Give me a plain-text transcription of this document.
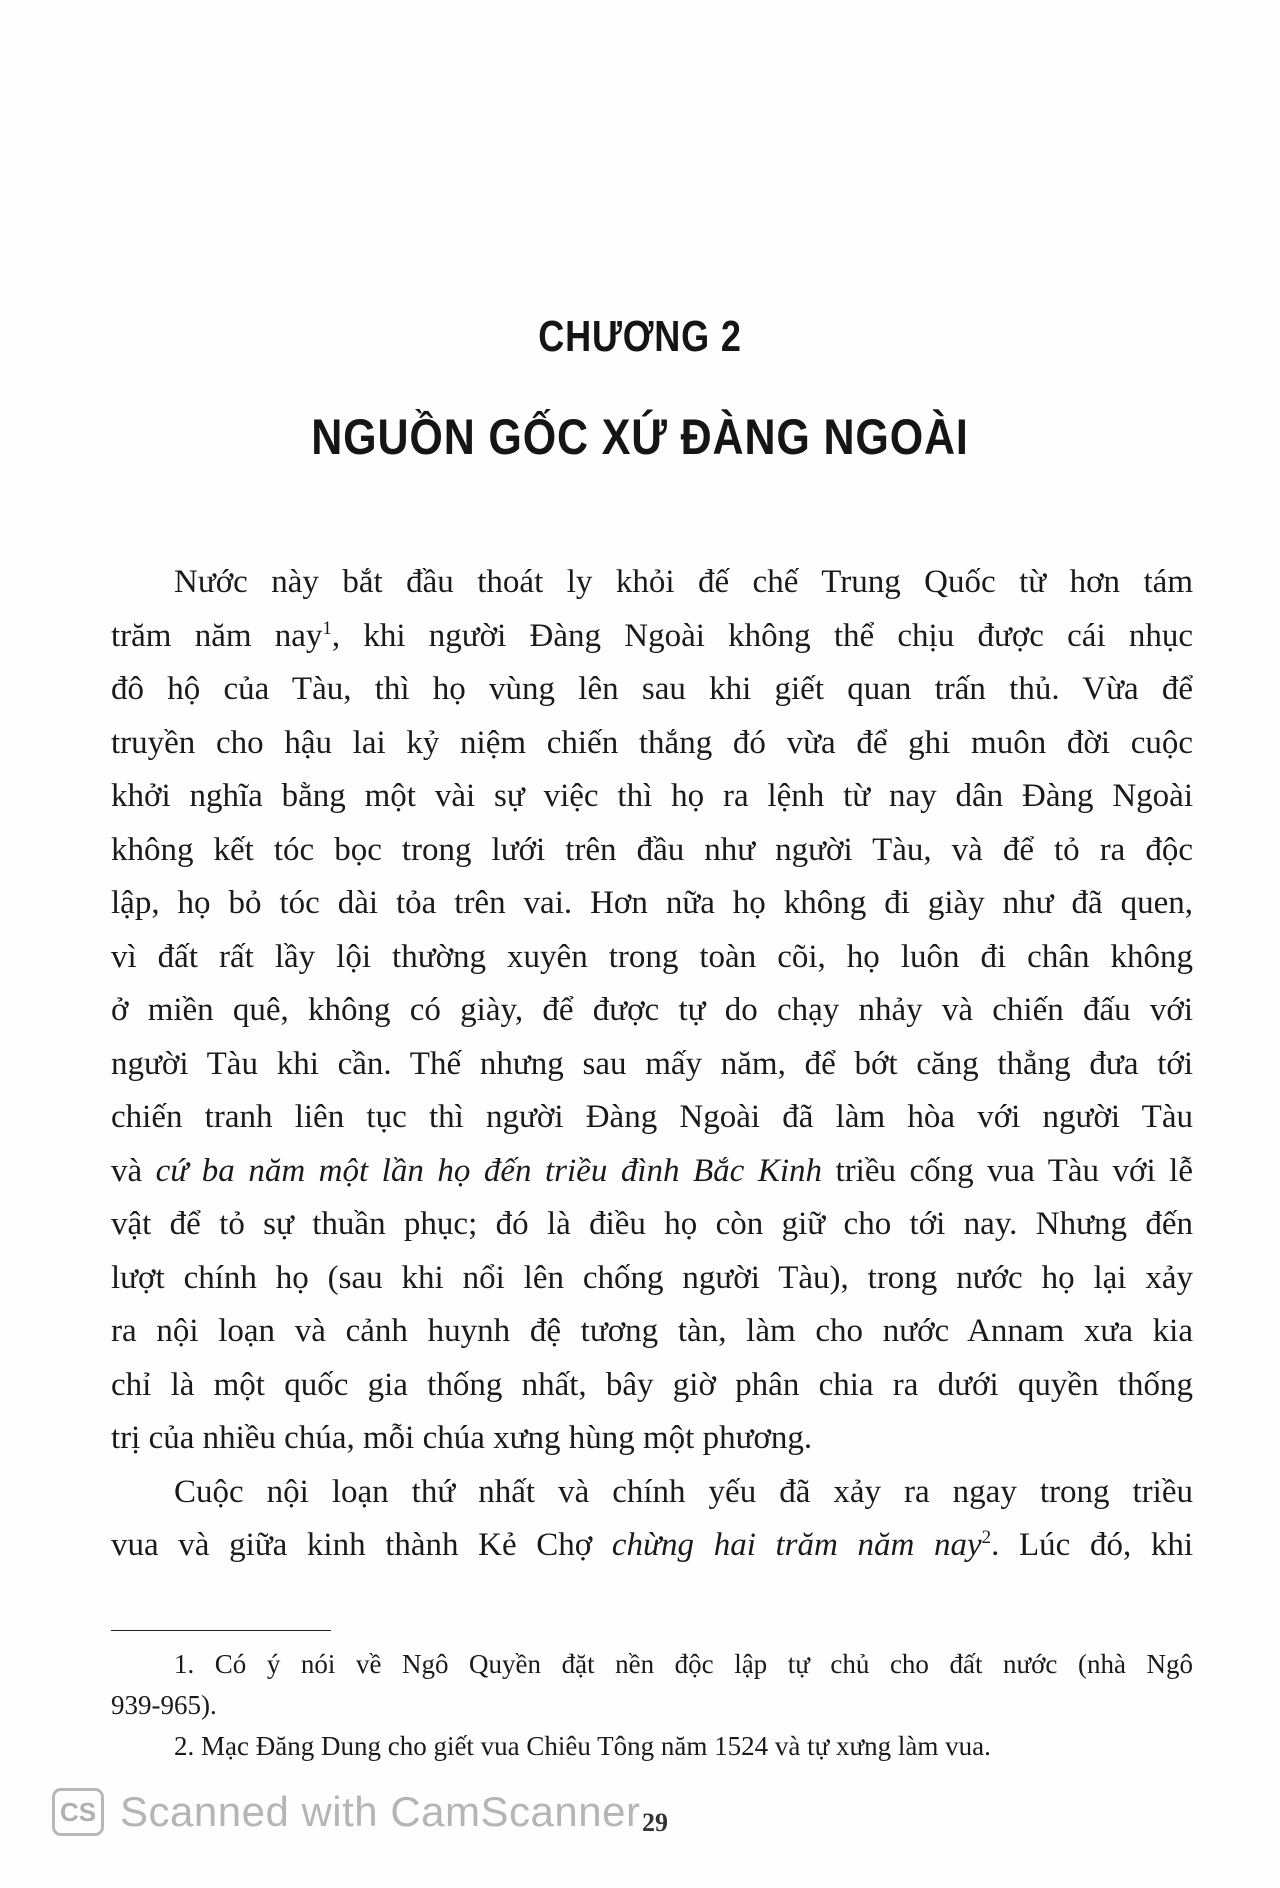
CHƯƠNG 2
NGUỒN GỐC XỨ ĐÀNG NGOÀI
Nước này bắt đầu thoát ly khỏi đế chế Trung Quốc từ hơn tám
trăm năm nay$^1$, khi người Đàng Ngoài không thể chịu được cái nhục
đô hộ của Tàu, thì họ vùng lên sau khi giết quan trấn thủ. Vừa để
truyền cho hậu lai kỷ niệm chiến thắng đó vừa để ghi muôn đời cuộc
khởi nghĩa bằng một vài sự việc thì họ ra lệnh từ nay dân Đàng Ngoài
không kết tóc bọc trong lưới trên đầu như người Tàu, và để tỏ ra độc
lập, họ bỏ tóc dài tỏa trên vai. Hơn nữa họ không đi giày như đã quen,
vì đất rất lầy lội thường xuyên trong toàn cõi, họ luôn đi chân không
ở miền quê, không có giày, để được tự do chạy nhảy và chiến đấu với
người Tàu khi cần. Thế nhưng sau mấy năm, để bớt căng thẳng đưa tới
chiến tranh liên tục thì người Đàng Ngoài đã làm hòa với người Tàu
và cứ ba năm một lần họ đến triều đình Bắc Kinh triều cống vua Tàu với lễ
vật để tỏ sự thuần phục; đó là điều họ còn giữ cho tới nay. Nhưng đến
lượt chính họ (sau khi nổi lên chống người Tàu), trong nước họ lại xảy
ra nội loạn và cảnh huynh đệ tương tàn, làm cho nước Annam xưa kia
chỉ là một quốc gia thống nhất, bây giờ phân chia ra dưới quyền thống
trị của nhiều chúa, mỗi chúa xưng hùng một phương.
Cuộc nội loạn thứ nhất và chính yếu đã xảy ra ngay trong triều
vua và giữa kinh thành Kẻ Chợ chừng hai trăm năm nay$^2$. Lúc đó, khi
1. Có ý nói về Ngô Quyền đặt nền độc lập tự chủ cho đất nước (nhà Ngô
939-965).
2. Mạc Đăng Dung cho giết vua Chiêu Tông năm 1524 và tự xưng làm vua.
CS Scanned with CamScanner 29
